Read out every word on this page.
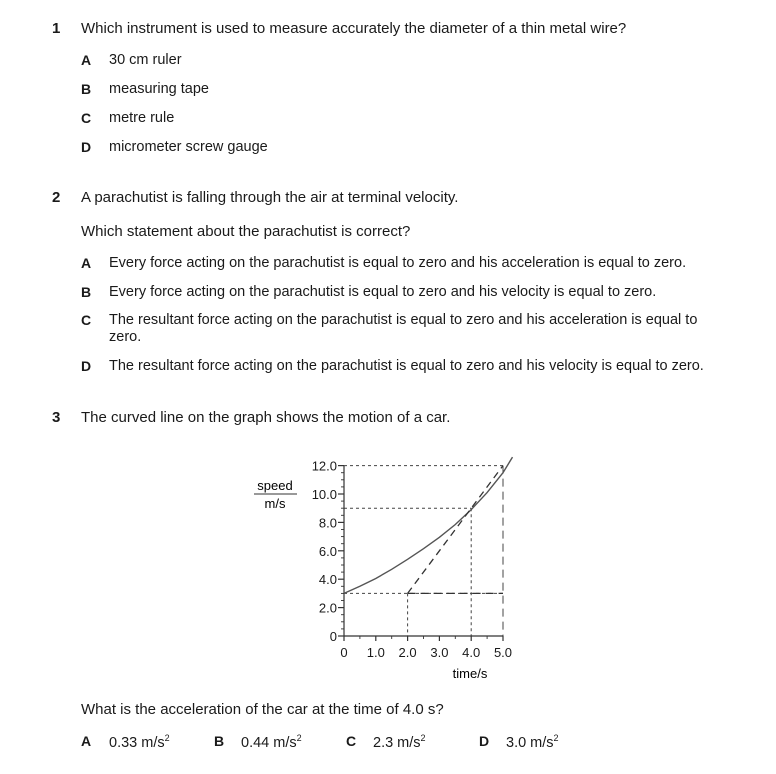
1 Which instrument is used to measure accurately the diameter of a thin metal wire?
A 30 cm ruler
B measuring tape
C metre rule
D micrometer screw gauge
2 A parachutist is falling through the air at terminal velocity.
Which statement about the parachutist is correct?
A Every force acting on the parachutist is equal to zero and his acceleration is equal to zero.
B Every force acting on the parachutist is equal to zero and his velocity is equal to zero.
C The resultant force acting on the parachutist is equal to zero and his acceleration is equal to zero.
D The resultant force acting on the parachutist is equal to zero and his velocity is equal to zero.
3 The curved line on the graph shows the motion of a car.
0 1.0 2.0 3.0 4.0 5.0
0
2.0
4.0
6.0
8.0
10.0
12.0
speed
m/s
time/s
What is the acceleration of the car at the time of 4.0 s?
A 0.33 $m/s^2$	B 0.44 $m/s^2$	C 2.3 $m/s^2$	D 3.0 $m/s^2$
